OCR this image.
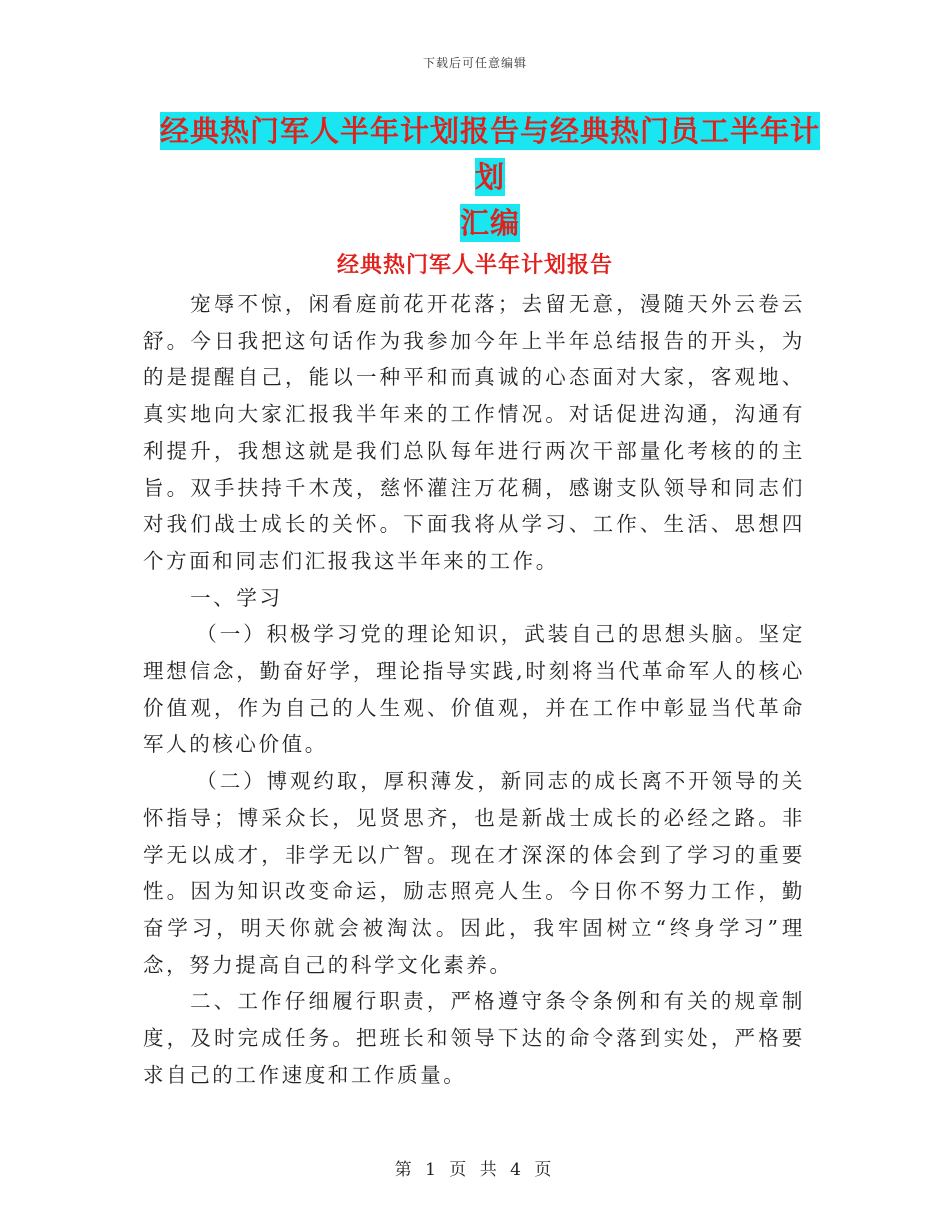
下载后可任意编辑
经典热门军人半年计划报告与经典热门员工半年计划
汇编
经典热门军人半年计划报告

宠辱不惊，闲看庭前花开花落；去留无意，漫随天外云卷云舒。今日我把这句话作为我参加今年上半年总结报告的开头，为的是提醒自己，能以一种平和而真诚的心态面对大家，客观地、真实地向大家汇报我半年来的工作情况。对话促进沟通，沟通有利提升，我想这就是我们总队每年进行两次干部量化考核的的主旨。双手扶持千木茂，慈怀灌注万花稠，感谢支队领导和同志们对我们战士成长的关怀。下面我将从学习、工作、生活、思想四个方面和同志们汇报我这半年来的工作。

一、学习

（一）积极学习党的理论知识，武装自己的思想头脑。坚定理想信念，勤奋好学，理论指导实践,时刻将当代革命军人的核心价值观，作为自己的人生观、价值观，并在工作中彰显当代革命军人的核心价值。

（二）博观约取，厚积薄发，新同志的成长离不开领导的关怀指导；博采众长，见贤思齐，也是新战士成长的必经之路。非学无以成才，非学无以广智。现在才深深的体会到了学习的重要性。因为知识改变命运，励志照亮人生。今日你不努力工作，勤奋学习，明天你就会被淘汰。因此，我牢固树立“终身学习”理念，努力提高自己的科学文化素养。

二、工作仔细履行职责，严格遵守条令条例和有关的规章制度，及时完成任务。把班长和领导下达的命令落到实处，严格要求自己的工作速度和工作质量。

第 1 页 共 4 页
